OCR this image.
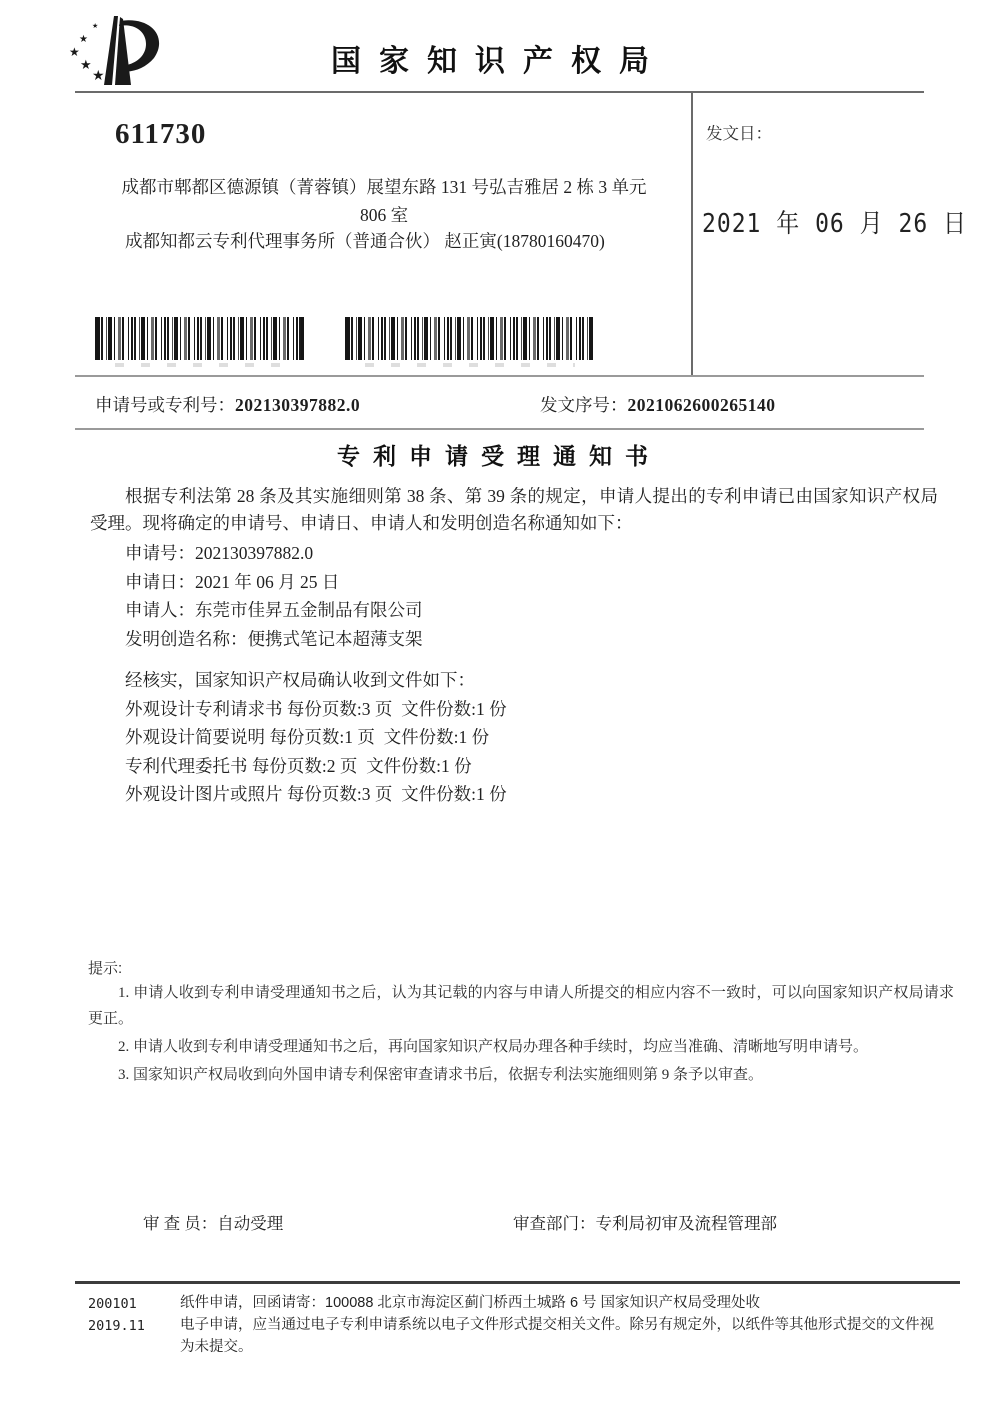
★
★
★
★
★	国家知识产权局
611730
成都市郫都区德源镇（菁蓉镇）展望东路 131 号弘吉雅居 2 栋 3 单元
806 室
成都知都云专利代理事务所（普通合伙） 赵正寅(18780160470)
发文日：
2021 年 06 月 26 日
申请号或专利号：202130397882.0	发文序号：2021062600265140
专利申请受理通知书
根据专利法第 28 条及其实施细则第 38 条、第 39 条的规定，申请人提出的专利申请已由国家知识产权局受理。现将确定的申请号、申请日、申请人和发明创造名称通知如下：
申请号：202130397882.0
申请日：2021 年 06 月 25 日
申请人：东莞市佳昇五金制品有限公司
发明创造名称：便携式笔记本超薄支架
经核实，国家知识产权局确认收到文件如下：
外观设计专利请求书 每份页数:3 页  文件份数:1 份
外观设计简要说明 每份页数:1 页  文件份数:1 份
专利代理委托书 每份页数:2 页  文件份数:1 份
外观设计图片或照片 每份页数:3 页  文件份数:1 份
提示:

1. 申请人收到专利申请受理通知书之后，认为其记载的内容与申请人所提交的相应内容不一致时，可以向国家知识产权局请求更正。

2. 申请人收到专利申请受理通知书之后，再向国家知识产权局办理各种手续时，均应当准确、清晰地写明申请号。

3. 国家知识产权局收到向外国申请专利保密审查请求书后，依据专利法实施细则第 9 条予以审查。

审 查 员：自动受理	审查部门：专利局初审及流程管理部
200101
2019.11

纸件申请，回函请寄：100088 北京市海淀区蓟门桥西土城路 6 号 国家知识产权局受理处收

电子申请，应当通过电子专利申请系统以电子文件形式提交相关文件。除另有规定外，以纸件等其他形式提交的文件视为未提交。
